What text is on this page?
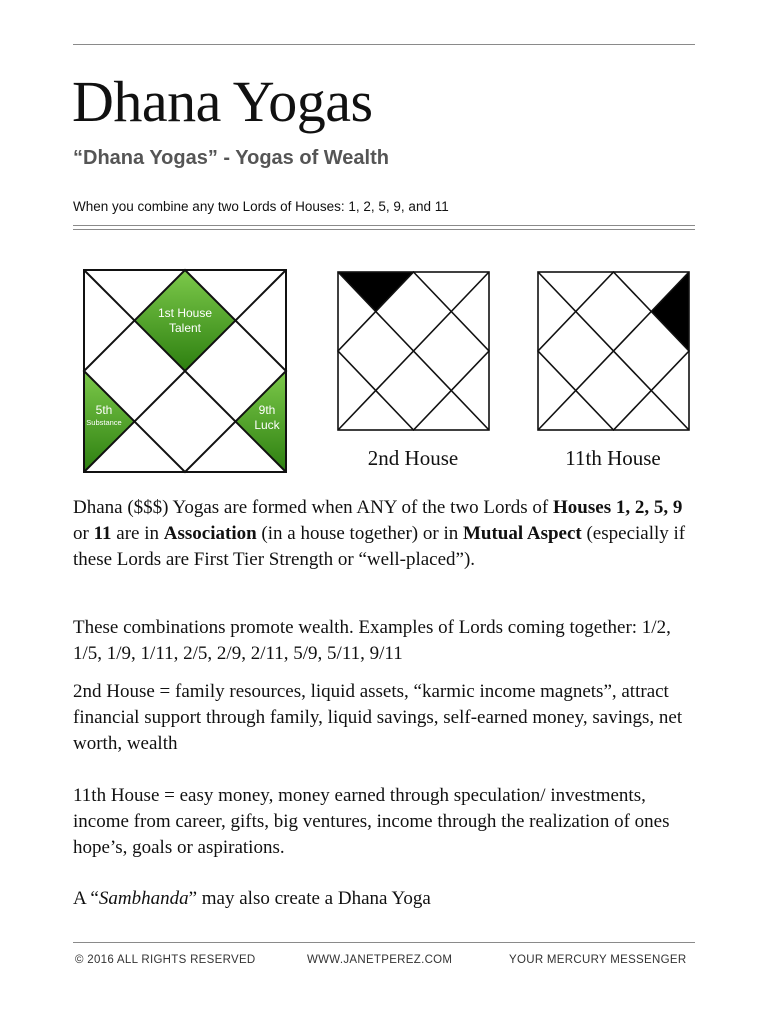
Dhana Yogas
“Dhana Yogas” - Yogas of Wealth
When you combine any two Lords of Houses: 1, 2, 5, 9, and 11
1st House
Talent
5th
Substance
9th
Luck
2nd House	11th House

Dhana ($$$) Yogas are formed when ANY of the two Lords of Houses 1, 2, 5, 9 or 11 are in Association (in a house together) or in Mutual Aspect (especially if these Lords are First Tier Strength or “well-placed”).

These combinations promote wealth. Examples of Lords coming together: 1/2, 1/5, 1/9, 1/11, 2/5, 2/9, 2/11, 5/9, 5/11, 9/11
2nd House = family resources, liquid assets, “karmic income magnets”, attract financial support through family, liquid savings, self-earned money, savings, net worth, wealth
11th House = easy money, money earned through speculation/ investments, income from career, gifts, big ventures, income through the realization of ones hope’s, goals or aspirations.

A “Sambhanda” may also create a Dhana Yoga

© 2016 ALL RIGHTS RESERVED	WWW.JANETPEREZ.COM	YOUR MERCURY MESSENGER
